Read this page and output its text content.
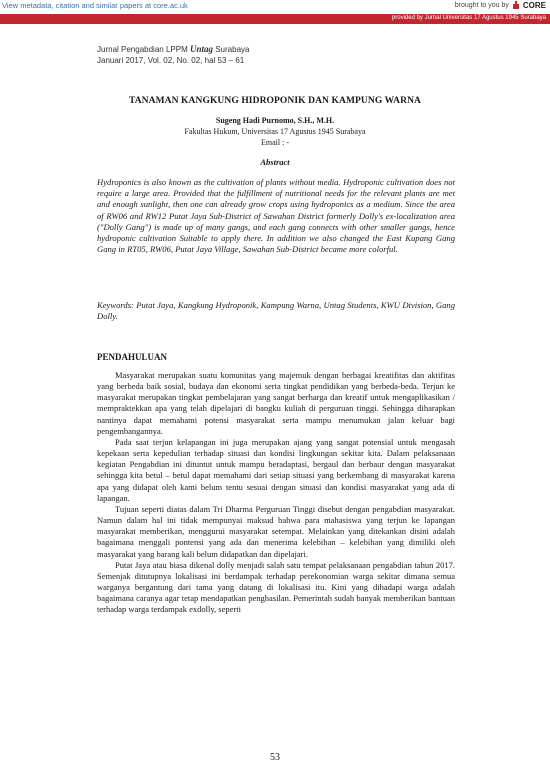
View metadata, citation and similar papers at core.ac.uk	brought to you by CORE
provided by Jurnal Universitas 17 Agustus 1945 Surabaya
Jurnal Pengabdian LPPM Untag Surabaya
Januari 2017, Vol. 02, No. 02, hal 53 – 61
TANAMAN KANGKUNG HIDROPONIK DAN KAMPUNG WARNA
Sugeng Hadi Purnomo, S.H., M.H.
Fakultas Hukum, Universitas 17 Agustus 1945 Surabaya
Email : -
Abstract
Hydroponics is also known as the cultivation of plants without media. Hydroponic cultivation does not require a large area. Provided that the fulfillment of nutritional needs for the relevant plants are met and enough sunlight, then one can already grow crops using hydroponics as a medium. Since the area of RW06 and RW12 Putat Jaya Sub-District of Sawahan District formerly Dolly's ex-localization area ("Dolly Gang") is made up of many gangs, and each gang connects with other smaller gangs, hence hydroponic cultivation Suitable to apply there. In addition we also changed the East Kupang Gang Gang in RT05, RW06, Putat Jaya Village, Sawahan Sub-District became more colorful.
Keywords: Putat Jaya, Kangkung Hydroponik, Kampung Warna, Untag Students, KWU Division, Gang Dolly.
PENDAHULUAN

Masyarakat merupakan suatu komunitas yang majemuk dengan berbagai kreatifitas dan aktifitas yang berbeda baik sosial, budaya dan ekonomi serta tingkat pendidikan yang berbeda-beda. Terjun ke masyarakat merupakan tingkat pembelajaran yang sangat berharga dan kreatif untuk mengaplikasikan / mempraktekkan apa yang telah dipelajari di bangku kuliah di perguruan tinggi. Sehingga diharapkan nantinya dapat memahami potensi masyarakat serta mampu menumukan jalan keluar bagi pengembangannya.

Pada saat terjun kelapangan ini juga merupakan ajang yang sangat potensial untuk mengasah kepekaan serta kepedulian terhadap situasi dan kondisi lingkungan sekitar kita. Dalam pelaksanaan kegiatan Pengabdian ini dituntut untuk mampu beradaptasi, bergaul dan berbaur dengan masyarakat sehingga kita betul – betul dapat memahami dari setiap situasi yang berkembang di masyarakat karena apa yang didapat oleh kami belum tentu sesuai dengan situasi dan kondisi masyarakat yang ada di lapangan.

Tujuan seperti diatas dalam Tri Dharma Perguruan Tinggi disebut dengan pengabdian masyarakat. Namun dalam hal ini tidak mempunyai maksud bahwa para mahasiswa yang terjun ke lapangan masyarakat memberikan, menggurui masyarakat setempat. Melainkan yang ditekankan disini adalah bagaimana menggali pontensi yang ada dan menerima kelebihan – kelebihan yang dimiliki oleh masyarakat yang barang kali belum didapatkan dan dipelajari.

Putat Jaya atau biasa dikenal dolly menjadi salah satu tempat pelaksanaan pengabdian tahun 2017. Semenjak ditutupnya lokalisasi ini berdampak terhadap perekonomian warga sekitar dimana semua warganya bergantung dari tama yang datang di lokalisasi itu. Kini yang dihadapi warga adalah bagaimana caranya agar tetap mendapatkan penghasilan. Pemerintah sudah banyak memberikan bantuan terhadap warga terdampak exdolly, seperti

53
